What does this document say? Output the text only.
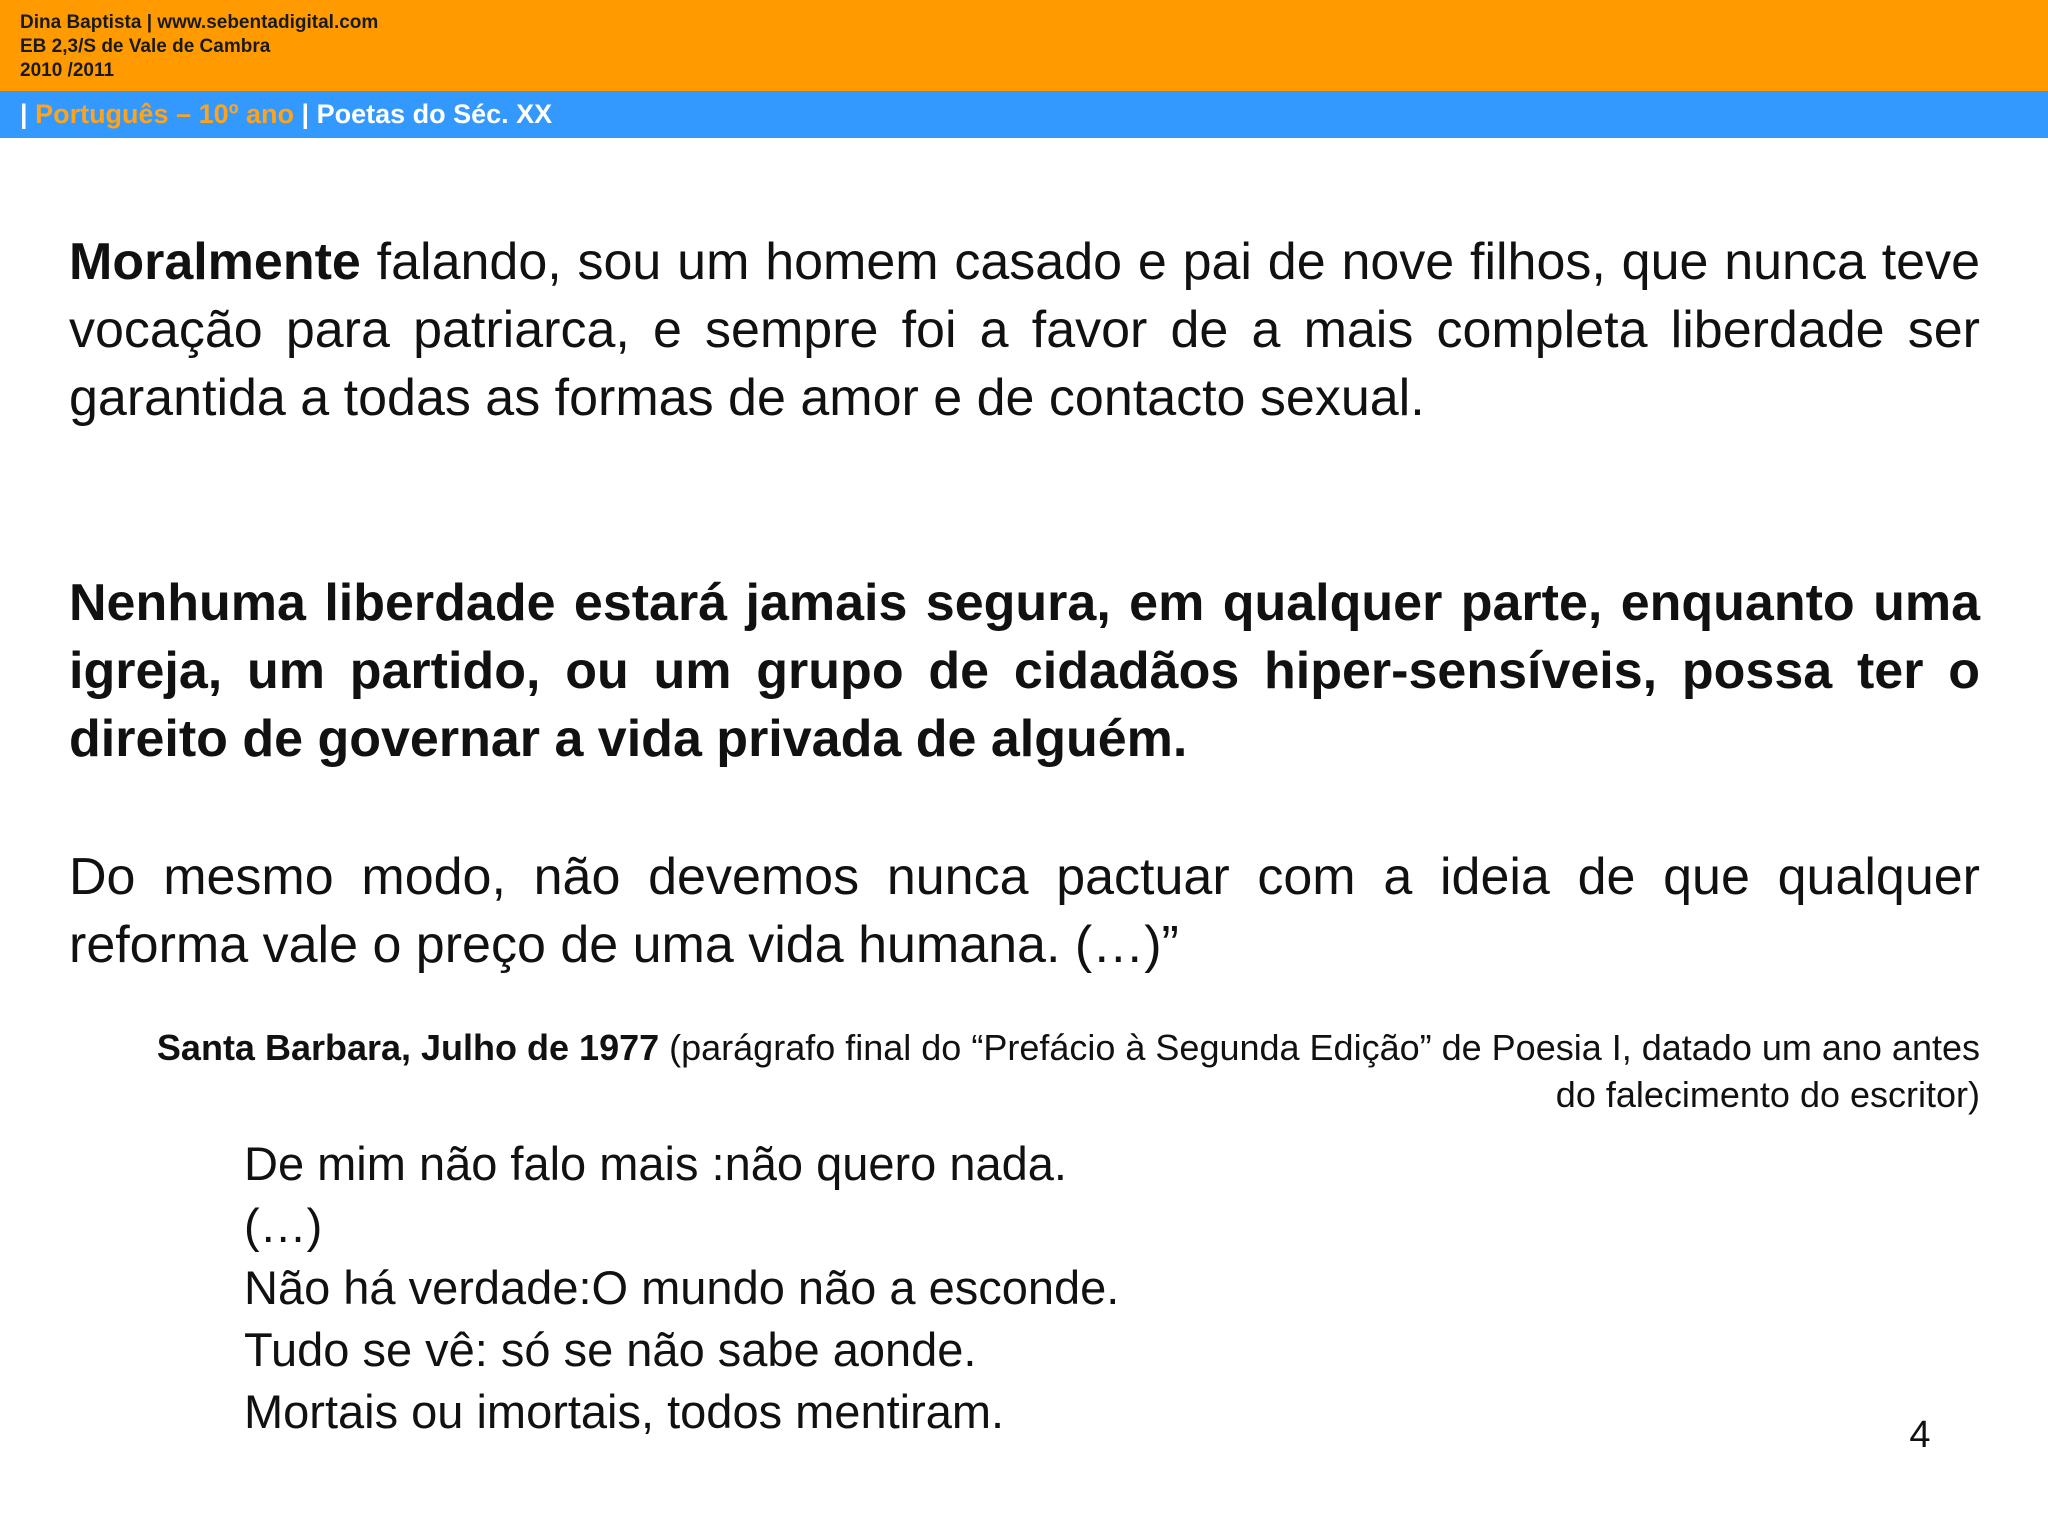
Dina Baptista | www.sebentadigital.com
EB 2,3/S de Vale de Cambra
2010 /2011
| Português – 10º ano | Poetas do Séc. XX
Moralmente falando, sou um homem casado e pai de nove filhos, que nunca teve vocação para patriarca, e sempre foi a favor de a mais completa liberdade ser garantida a todas as formas de amor e de contacto sexual.
Nenhuma liberdade estará jamais segura, em qualquer parte, enquanto uma igreja, um partido, ou um grupo de cidadãos hiper-sensíveis, possa ter o direito de governar a vida privada de alguém.
Do mesmo modo, não devemos nunca pactuar com a ideia de que qualquer reforma vale o preço de uma vida humana. (…)”
Santa Barbara, Julho de 1977 (parágrafo final do “Prefácio à Segunda Edição” de Poesia I, datado um ano antes do falecimento do escritor)
De mim não falo mais :não quero nada.
(…)
Não há verdade:O mundo não a esconde.
Tudo se vê: só se não sabe aonde.
Mortais ou imortais, todos mentiram.	4
